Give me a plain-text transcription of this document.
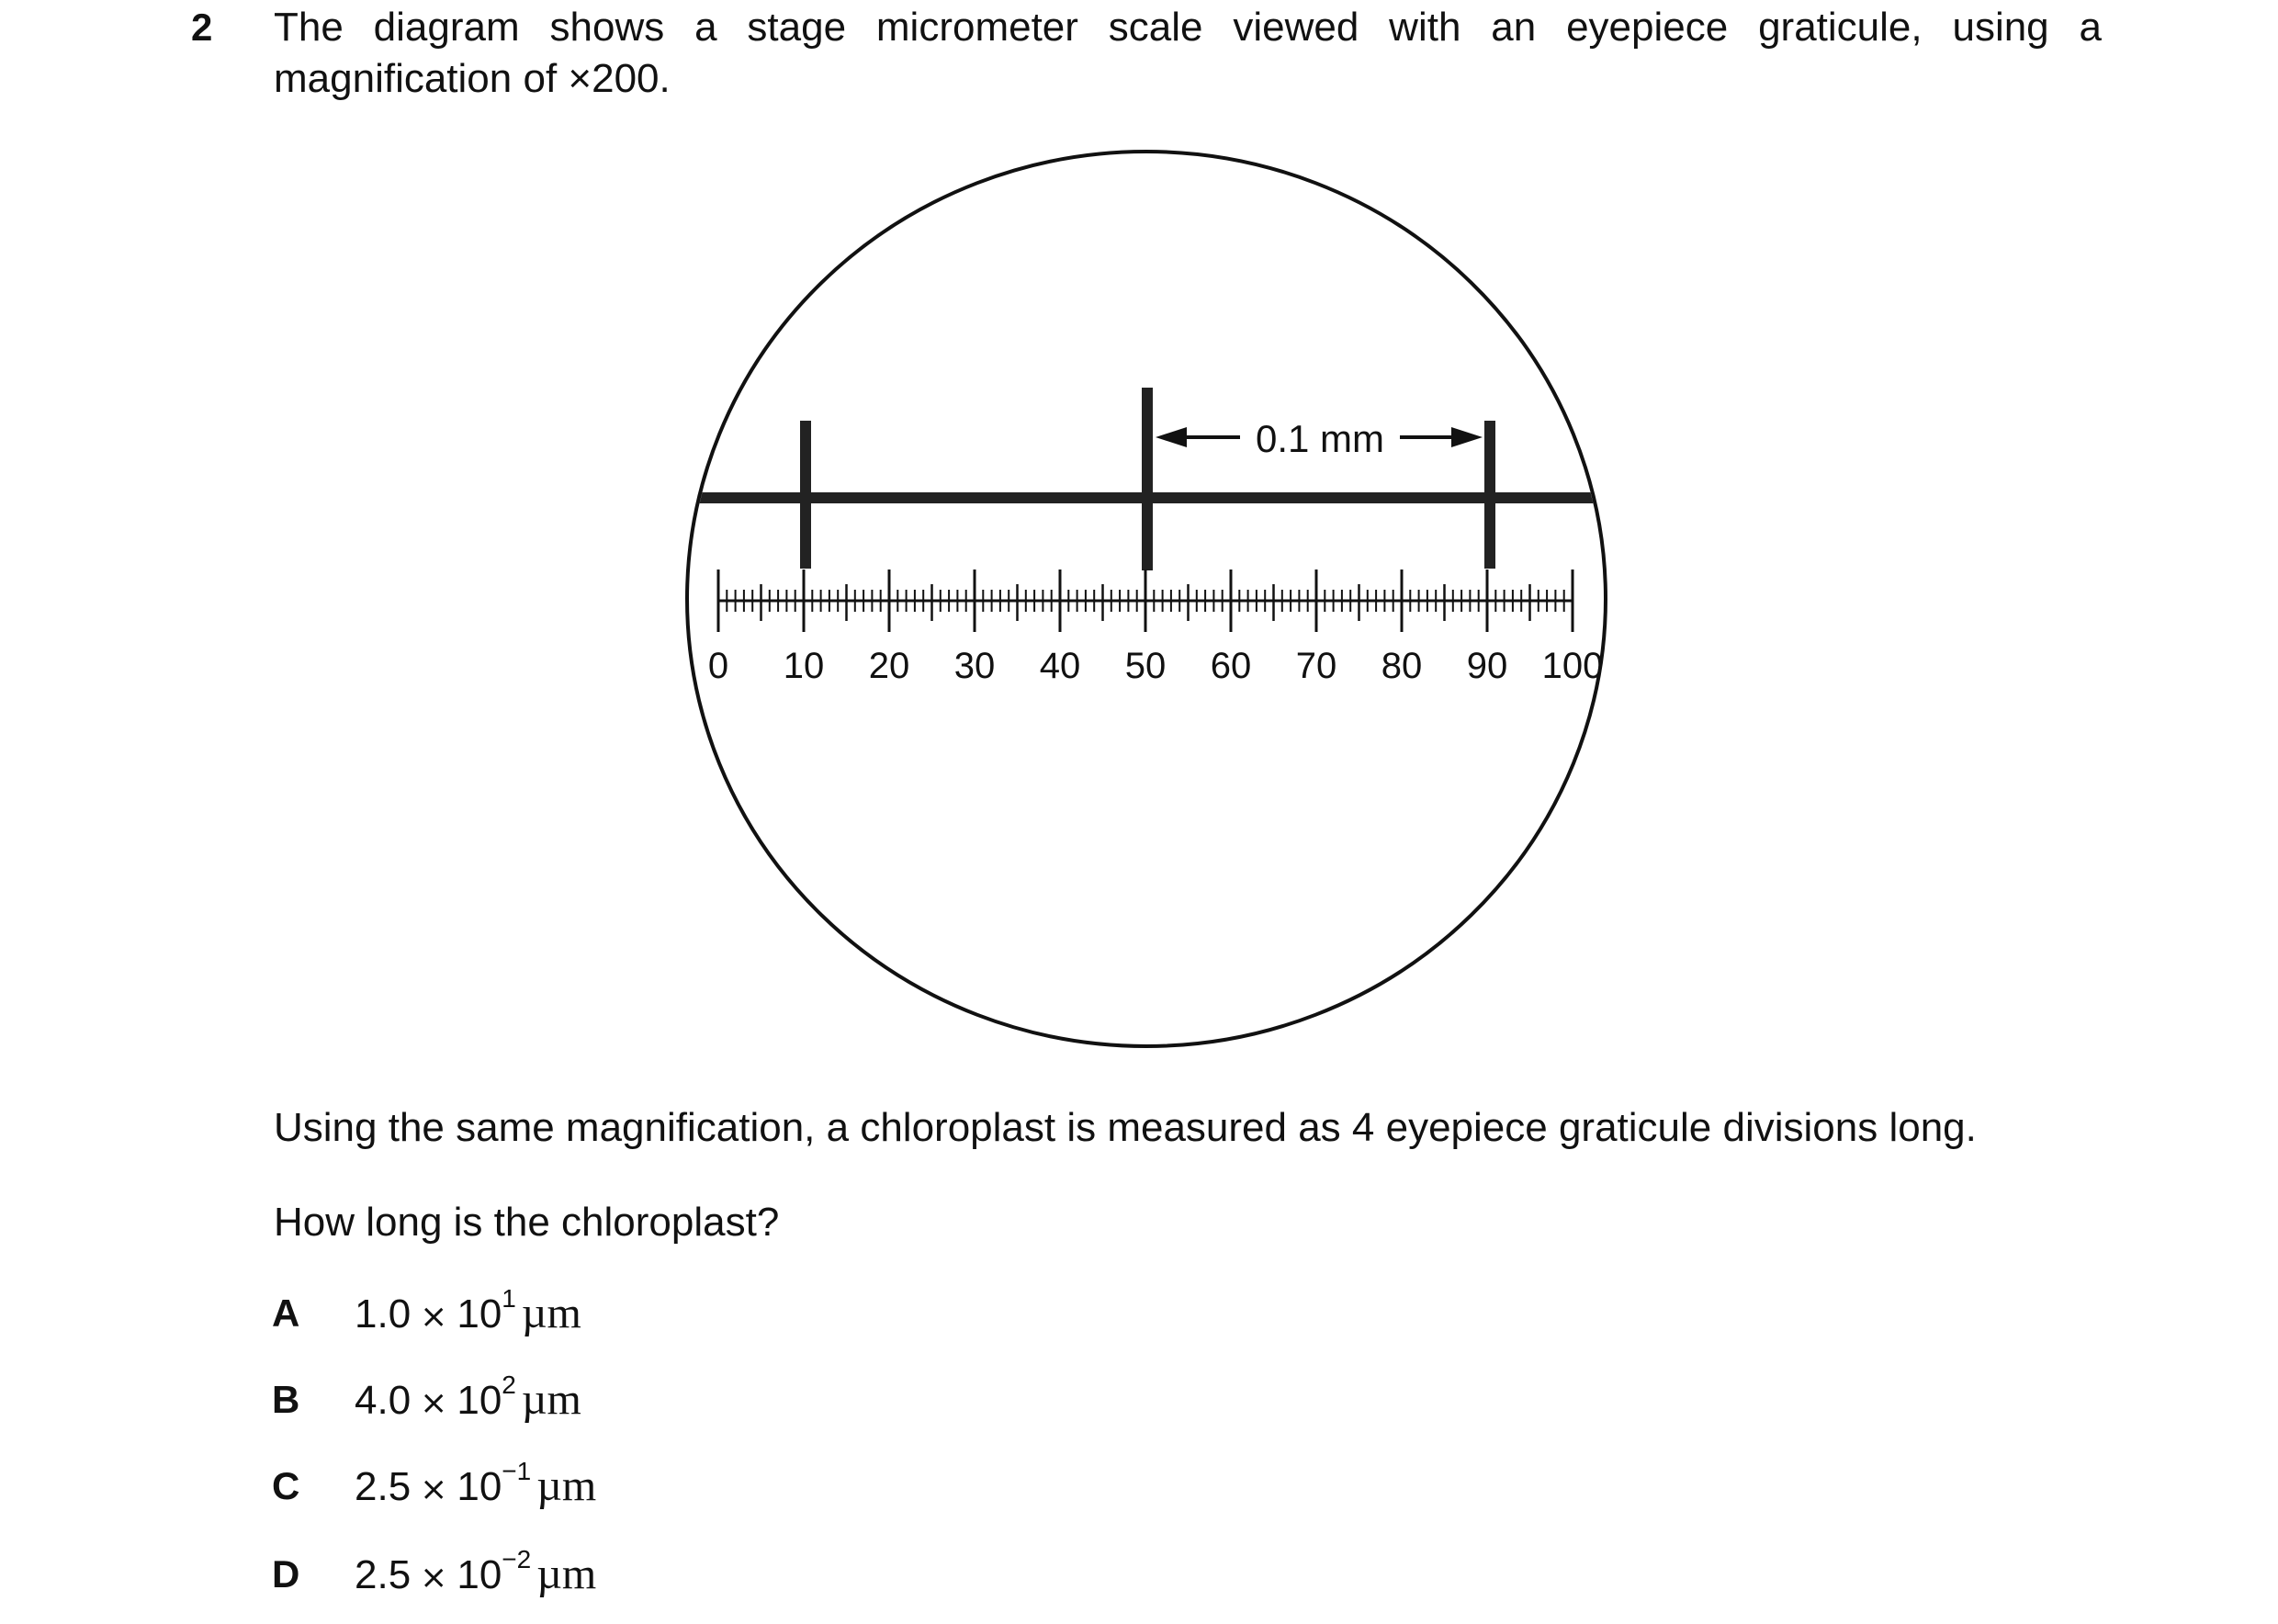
2 The diagram shows a stage micrometer scale viewed with an eyepiece graticule, using a
magnification of ×200.
0.1 mm
0 10 20 30 40 50 60 70 80 90 100
Using the same magnification, a chloroplast is measured as 4 eyepiece graticule divisions long.
How long is the chloroplast?
A $1.0 \times 10^1$ µm
B $4.0 \times 10^2$ µm
C $2.5 \times 10^{-1}$ µm
D $2.5 \times 10^{-2}$ µm
